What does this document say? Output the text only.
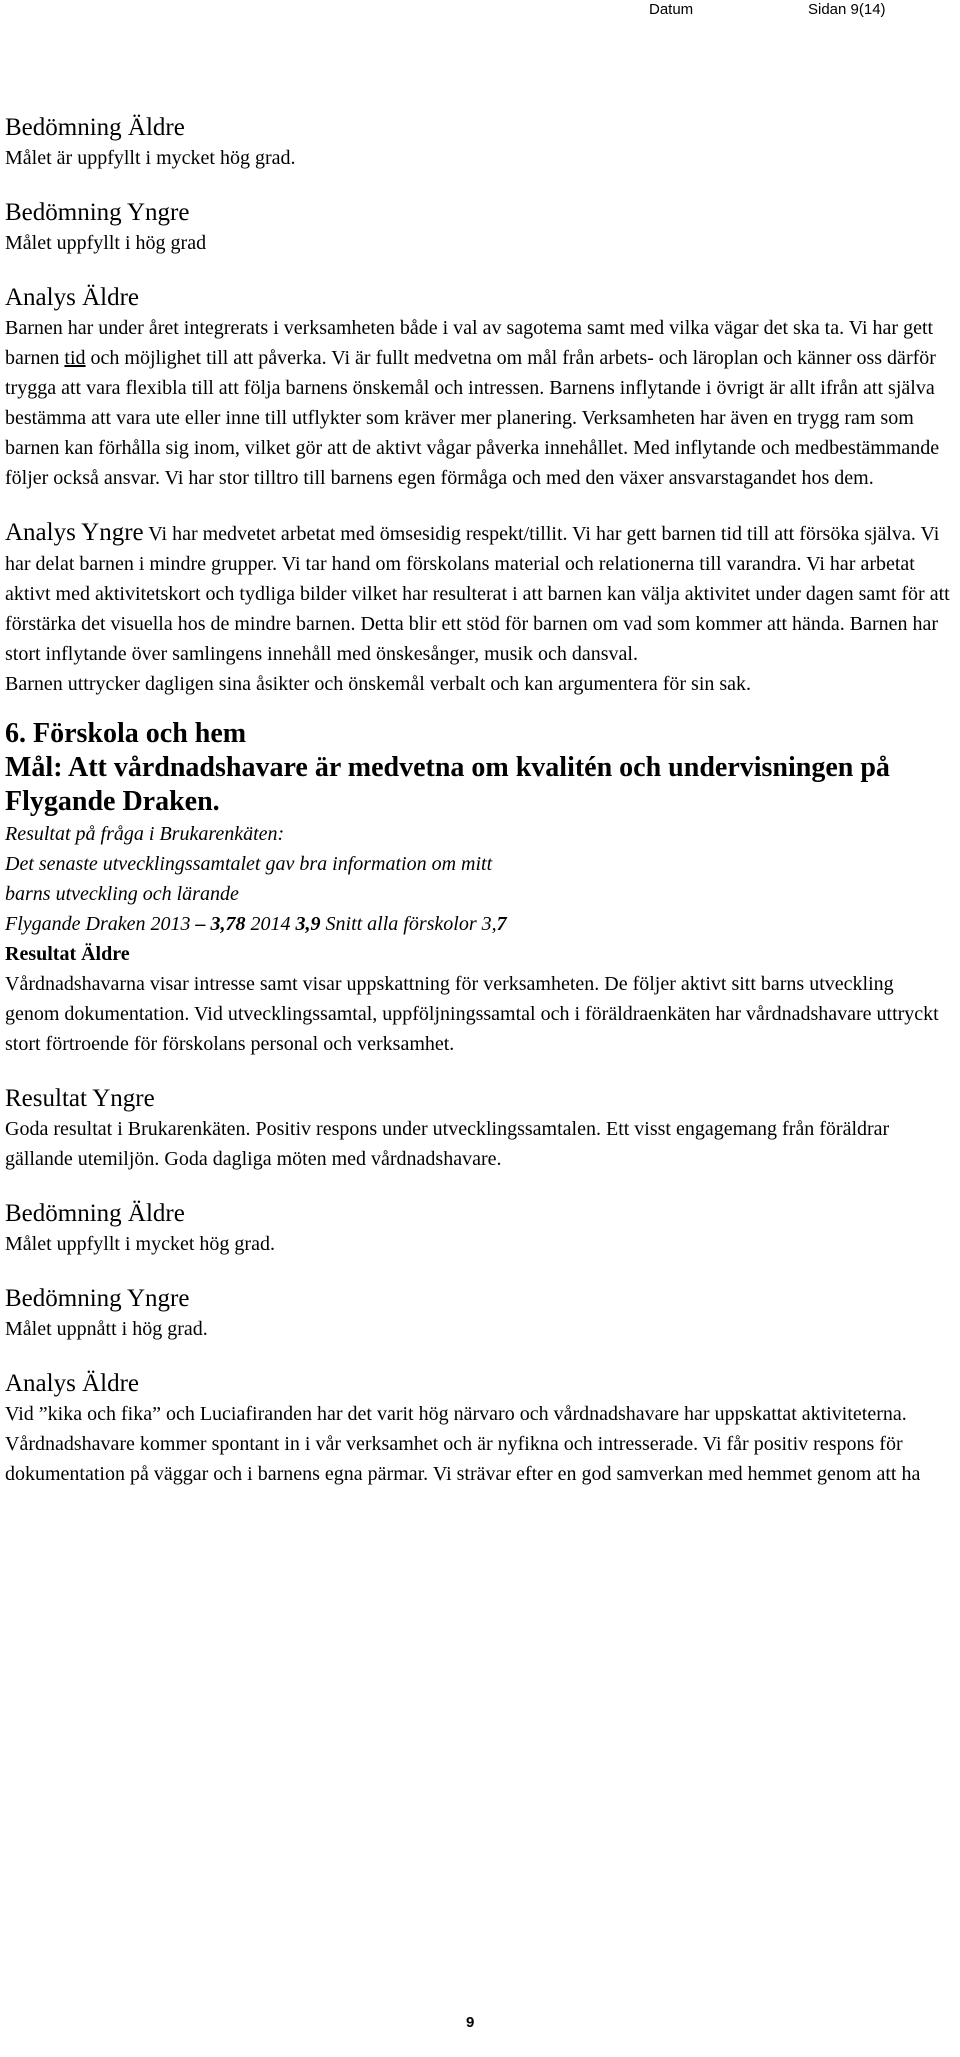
Datum	Sidan 9(14)
Bedömning Äldre

Målet är uppfyllt i mycket hög grad.

Bedömning Yngre

Målet uppfyllt i hög grad

Analys Äldre

Barnen har under året integrerats i verksamheten både i val av sagotema samt med vilka vägar det ska ta. Vi har gett barnen tid och möjlighet till att påverka. Vi är fullt medvetna om mål från arbets- och läroplan och känner oss därför trygga att vara flexibla till att följa barnens önskemål och intressen. Barnens inflytande i övrigt är allt ifrån att själva bestämma att vara ute eller inne till utflykter som kräver mer planering. Verksamheten har även en trygg ram som barnen kan förhålla sig inom, vilket gör att de aktivt vågar påverka innehållet. Med inflytande och medbestämmande följer också ansvar. Vi har stor tilltro till barnens egen förmåga och med den växer ansvarstagandet hos dem.

Analys Yngre Vi har medvetet arbetat med ömsesidig respekt/tillit. Vi har gett barnen tid till att försöka själva. Vi har delat barnen i mindre grupper. Vi tar hand om förskolans material och relationerna till varandra. Vi har arbetat aktivt med aktivitetskort och tydliga bilder vilket har resulterat i att barnen kan välja aktivitet under dagen samt för att förstärka det visuella hos de mindre barnen. Detta blir ett stöd för barnen om vad som kommer att hända. Barnen har stort inflytande över samlingens innehåll med önskesånger, musik och dansval.

Barnen uttrycker dagligen sina åsikter och önskemål verbalt och kan argumentera för sin sak.

6. Förskola och hem
Mål: Att vårdnadshavare är medvetna om kvalitén och undervisningen på Flygande Draken.

Resultat på fråga i Brukarenkäten:

Det senaste utvecklingssamtalet gav bra information om mitt

barns utveckling och lärande

Flygande Draken 2013 – 3,78 2014 3,9 Snitt alla förskolor 3,7

Resultat Äldre

Vårdnadshavarna visar intresse samt visar uppskattning för verksamheten. De följer aktivt sitt barns utveckling genom dokumentation. Vid utvecklingssamtal, uppföljningssamtal och i föräldraenkäten har vårdnadshavare uttryckt stort förtroende för förskolans personal och verksamhet.

Resultat Yngre

Goda resultat i Brukarenkäten. Positiv respons under utvecklingssamtalen. Ett visst engagemang från föräldrar gällande utemiljön. Goda dagliga möten med vårdnadshavare.

Bedömning Äldre

Målet uppfyllt i mycket hög grad.

Bedömning Yngre

Målet uppnått i hög grad.

Analys Äldre

Vid ”kika och fika” och Luciafiranden har det varit hög närvaro och vårdnadshavare har uppskattat aktiviteterna. Vårdnadshavare kommer spontant in i vår verksamhet och är nyfikna och intresserade. Vi får positiv respons för dokumentation på väggar och i barnens egna pärmar. Vi strävar efter en god samverkan med hemmet genom att ha

9
